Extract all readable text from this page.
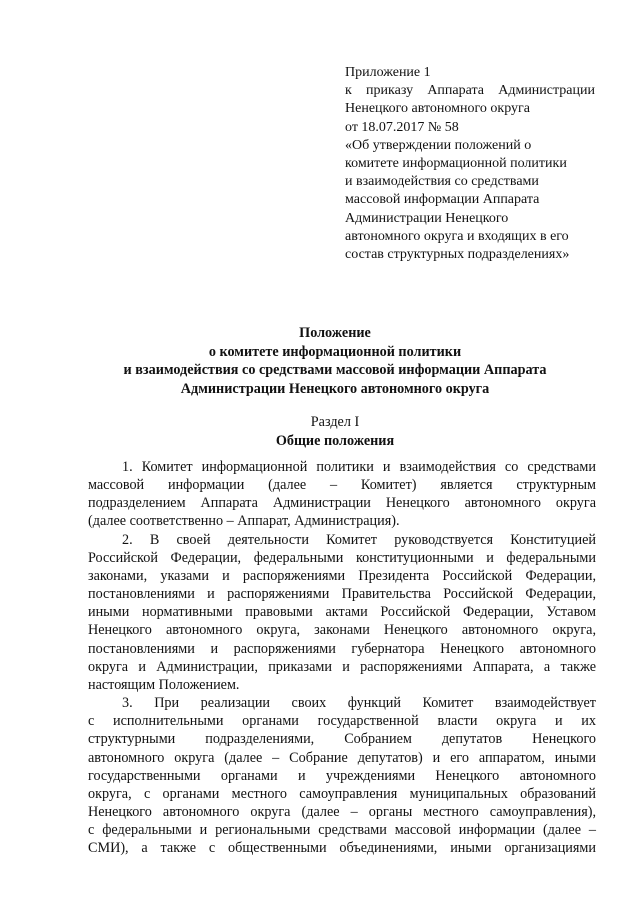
Приложение 1
к приказу Аппарата Администрации
Ненецкого автономного округа
от 18.07.2017 № 58
«Об утверждении положений о
комитете информационной политики
и взаимодействия со средствами
массовой информации Аппарата
Администрации Ненецкого
автономного округа и входящих в его
состав структурных подразделениях»
Положение
о комитете информационной политики
и взаимодействия со средствами массовой информации Аппарата
Администрации Ненецкого автономного округа
Раздел I
Общие положения
1. Комитет информационной политики и взаимодействия со средствами
массовой информации (далее – Комитет) является структурным
подразделением Аппарата Администрации Ненецкого автономного округа
(далее соответственно – Аппарат, Администрация).
2. В своей деятельности Комитет руководствуется Конституцией
Российской Федерации, федеральными конституционными и федеральными
законами, указами и распоряжениями Президента Российской Федерации,
постановлениями и распоряжениями Правительства Российской Федерации,
иными нормативными правовыми актами Российской Федерации, Уставом
Ненецкого автономного округа, законами Ненецкого автономного округа,
постановлениями и распоряжениями губернатора Ненецкого автономного
округа и Администрации, приказами и распоряжениями Аппарата, а также
настоящим Положением.
3. При реализации своих функций Комитет взаимодействует
с исполнительными органами государственной власти округа и их
структурными подразделениями, Собранием депутатов Ненецкого
автономного округа (далее – Собрание депутатов) и его аппаратом, иными
государственными органами и учреждениями Ненецкого автономного
округа, с органами местного самоуправления муниципальных образований
Ненецкого автономного округа (далее – органы местного самоуправления),
с федеральными и региональными средствами массовой информации (далее –
СМИ), а также с общественными объединениями, иными организациями
